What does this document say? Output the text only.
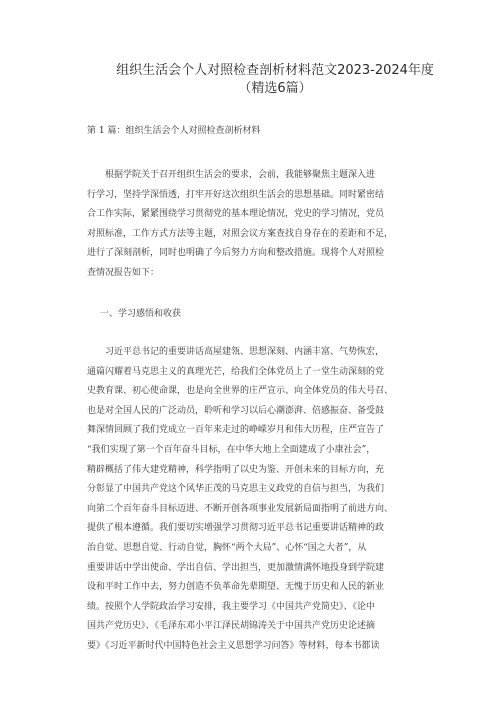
组织生活会个人对照检查剖析材料范文2023-2024年度
（精选6篇）
第 1 篇：组织生活会个人对照检查剖析材料
　　根据学院关于召开组织生活会的要求，会前，我能够聚焦主题深入进
行学习，坚持学深悟透，打牢开好这次组织生活会的思想基础。同时紧密结
合工作实际，紧紧围绕学习贯彻党的基本理论情况，党史的学习情况，党员
对照标准，工作方式方法等主题，对照会议方案查找自身存在的差距和不足，
进行了深刻剖析，同时也明确了今后努力方向和整改措施。现将个人对照检
查情况报告如下：
一、学习感悟和收获
　　习近平总书记的重要讲话高屋建瓴、思想深刻、内涵丰富、气势恢宏，
通篇闪耀着马克思主义的真理光芒，给我们全体党员上了一堂生动深刻的党
史教育课、初心使命课，也是向全世界的庄严宣示、向全体党员的伟大号召、
也是对全国人民的广泛动员，聆听和学习以后心潮澎湃、倍感振奋、备受鼓
舞深情回顾了我们党成立一百年来走过的峥嵘岁月和伟大历程，庄严宣告了
“我们实现了第一个百年奋斗目标，在中华大地上全面建成了小康社会”，
精辟概括了伟大建党精神，科学指明了以史为鉴、开创未来的目标方向，充
分彰显了中国共产党这个风华正茂的马克思主义政党的自信与担当，为我们
向第二个百年奋斗目标迈进、不断开创各项事业发展新局面指明了前进方向、
提供了根本遵循。我们要切实增强学习贯彻习近平总书记重要讲话精神的政
治自觉、思想自觉、行动自觉，胸怀“两个大局”、心怀“国之大者”，从
重要讲话中学出使命、学出自信、学出担当，更加激情满怀地投身到学院建
设和平时工作中去，努力创造不负革命先辈期望、无愧于历史和人民的新业
绩。按照个人学院政治学习安排，我主要学习《中国共产党简史》、《论中
国共产党历史》、《毛泽东邓小平江泽民胡锦涛关于中国共产党历史论述摘
要》《习近平新时代中国特色社会主义思想学习问答》等材料，每本书都读
